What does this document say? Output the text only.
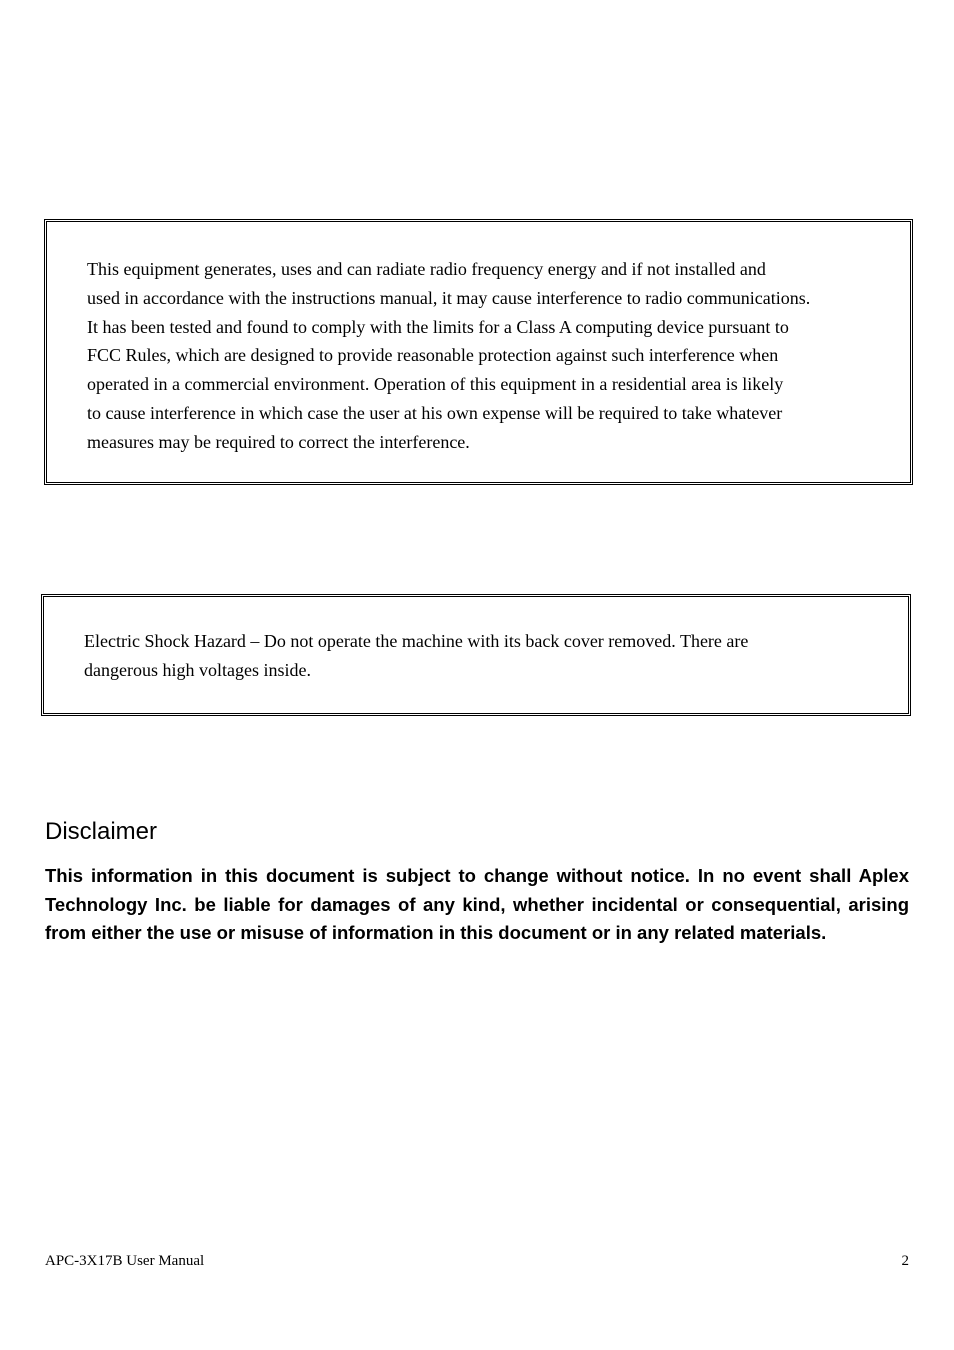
This equipment generates, uses and can radiate radio frequency energy and if not installed and
used in accordance with the instructions manual, it may cause interference to radio communications.
It has been tested and found to comply with the limits for a Class A computing device pursuant to
FCC Rules, which are designed to provide reasonable protection against such interference when
operated in a commercial environment. Operation of this equipment in a residential area is likely
to cause interference in which case the user at his own expense will be required to take whatever
measures may be required to correct the interference.
Electric Shock Hazard – Do not operate the machine with its back cover removed. There are
dangerous high voltages inside.
Disclaimer
This information in this document is subject to change without notice. In no event shall Aplex
Technology Inc. be liable for damages of any kind, whether incidental or consequential, arising
from either the use or misuse of information in this document or in any related materials.
APC-3X17B User Manual	2
